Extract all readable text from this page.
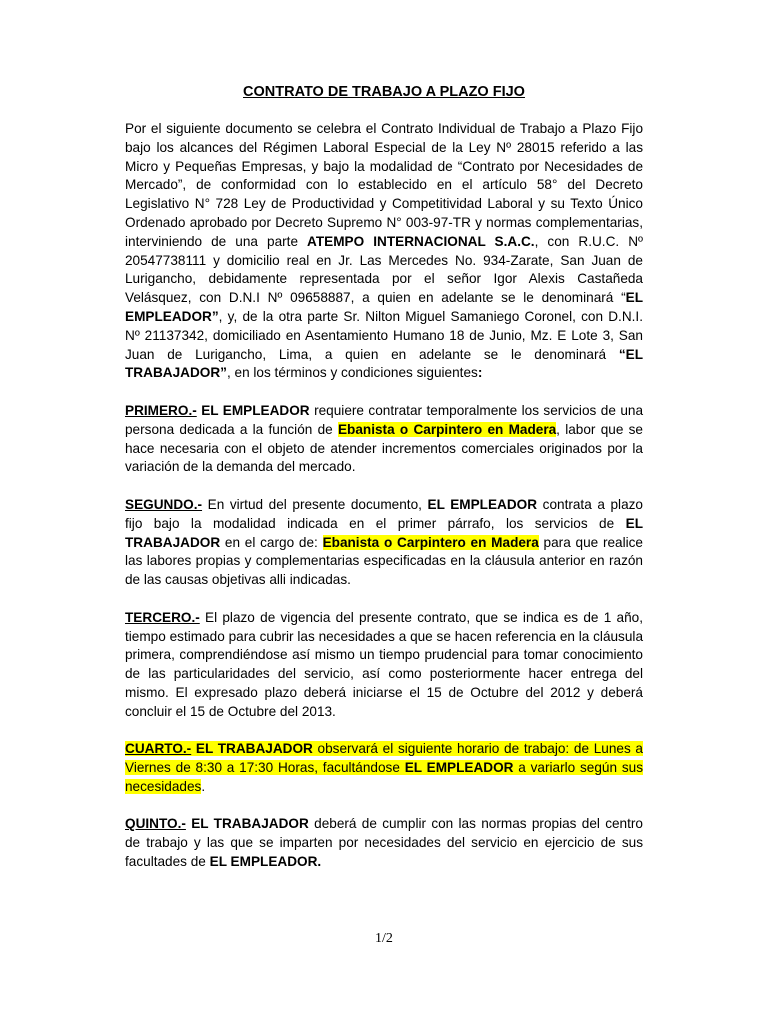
CONTRATO DE TRABAJO A PLAZO FIJO

Por el siguiente documento se celebra el Contrato Individual de Trabajo a Plazo Fijo bajo los alcances del Régimen Laboral Especial de la Ley Nº 28015 referido a las Micro y Pequeñas Empresas, y bajo la modalidad de “Contrato por Necesidades de Mercado”, de conformidad con lo establecido en el artículo 58° del Decreto Legislativo N° 728 Ley de Productividad y Competitividad Laboral y su Texto Único Ordenado aprobado por Decreto Supremo N° 003-97-TR y normas complementarias, interviniendo de una parte ATEMPO INTERNACIONAL S.A.C., con R.U.C. Nº 20547738111 y domicilio real en Jr. Las Mercedes No. 934-Zarate, San Juan de Lurigancho, debidamente representada por el señor Igor Alexis Castañeda Velásquez, con D.N.I Nº 09658887, a quien en adelante se le denominará “EL EMPLEADOR”, y, de la otra parte Sr. Nilton Miguel Samaniego Coronel, con D.N.I. Nº 21137342, domiciliado en Asentamiento Humano 18 de Junio, Mz. E Lote 3, San Juan de Lurigancho, Lima, a quien en adelante se le denominará “EL TRABAJADOR”, en los términos y condiciones siguientes:

PRIMERO.- EL EMPLEADOR requiere contratar temporalmente los servicios de una persona dedicada a la función de Ebanista o Carpintero en Madera, labor que se hace necesaria con el objeto de atender incrementos comerciales originados por la variación de la demanda del mercado.

SEGUNDO.- En virtud del presente documento, EL EMPLEADOR contrata a plazo fijo bajo la modalidad indicada en el primer párrafo, los servicios de EL TRABAJADOR en el cargo de: Ebanista o Carpintero en Madera para que realice las labores propias y complementarias especificadas en la cláusula anterior en razón de las causas objetivas alli indicadas.

TERCERO.- El plazo de vigencia del presente contrato, que se indica es de 1 año, tiempo estimado para cubrir las necesidades a que se hacen referencia en la cláusula primera, comprendiéndose así mismo un tiempo prudencial para tomar conocimiento de las particularidades del servicio, así como posteriormente hacer entrega del mismo. El expresado plazo deberá iniciarse el 15 de Octubre del 2012 y deberá concluir el 15 de Octubre del 2013.

CUARTO.- EL TRABAJADOR observará el siguiente horario de trabajo: de Lunes a Viernes de 8:30 a 17:30 Horas, facultándose EL EMPLEADOR a variarlo según sus necesidades.

QUINTO.- EL TRABAJADOR deberá de cumplir con las normas propias del centro de trabajo y las que se imparten por necesidades del servicio en ejercicio de sus facultades de EL EMPLEADOR.

1/2
